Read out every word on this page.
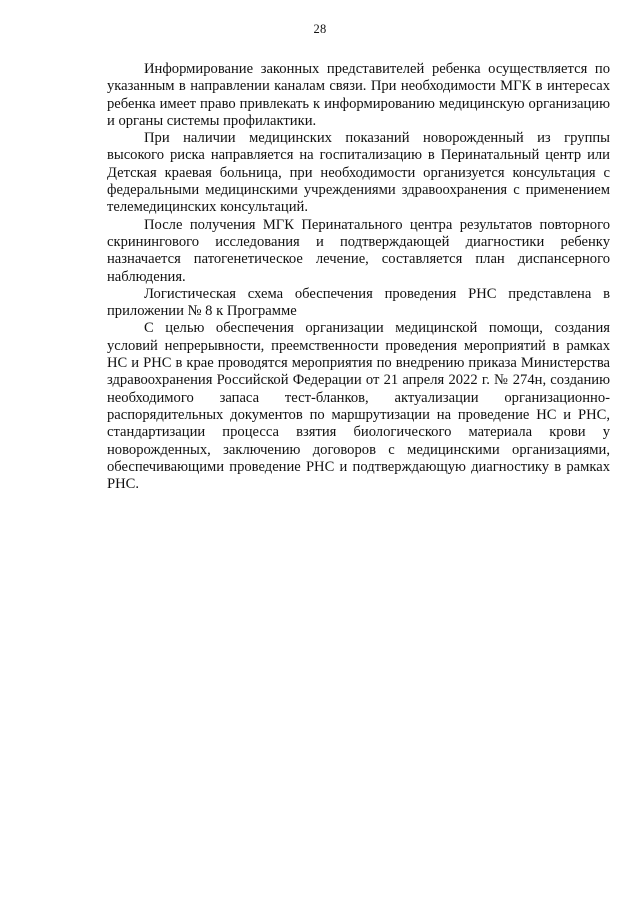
28

Информирование законных представителей ребенка осуществляется по указанным в направлении каналам связи. При необходимости МГК в интересах ребенка имеет право привлекать к информированию медицинскую организацию и органы системы профилактики.

При наличии медицинских показаний новорожденный из группы высокого риска направляется на госпитализацию в Перинатальный центр или Детская краевая больница, при необходимости организуется консультация с федеральными медицинскими учреждениями здравоохранения с применением телемедицинских консультаций.

После получения МГК Перинатального центра результатов повторного скринингового исследования и подтверждающей диагностики ребенку назначается патогенетическое лечение, составляется план диспансерного наблюдения.

Логистическая схема обеспечения проведения РНС представлена в приложении № 8 к Программе

С целью обеспечения организации медицинской помощи, создания условий непрерывности, преемственности проведения мероприятий в рамках НС и РНС в крае проводятся мероприятия по внедрению приказа Министерства здравоохранения Российской Федерации от 21 апреля 2022 г. № 274н, созданию необходимого запаса тест-бланков, актуализации организационно-распорядительных документов по маршрутизации на проведение НС и РНС, стандартизации процесса взятия биологического материала крови у новорожденных, заключению договоров с медицинскими организациями, обеспечивающими проведение РНС и подтверждающую диагностику в рамках РНС.
